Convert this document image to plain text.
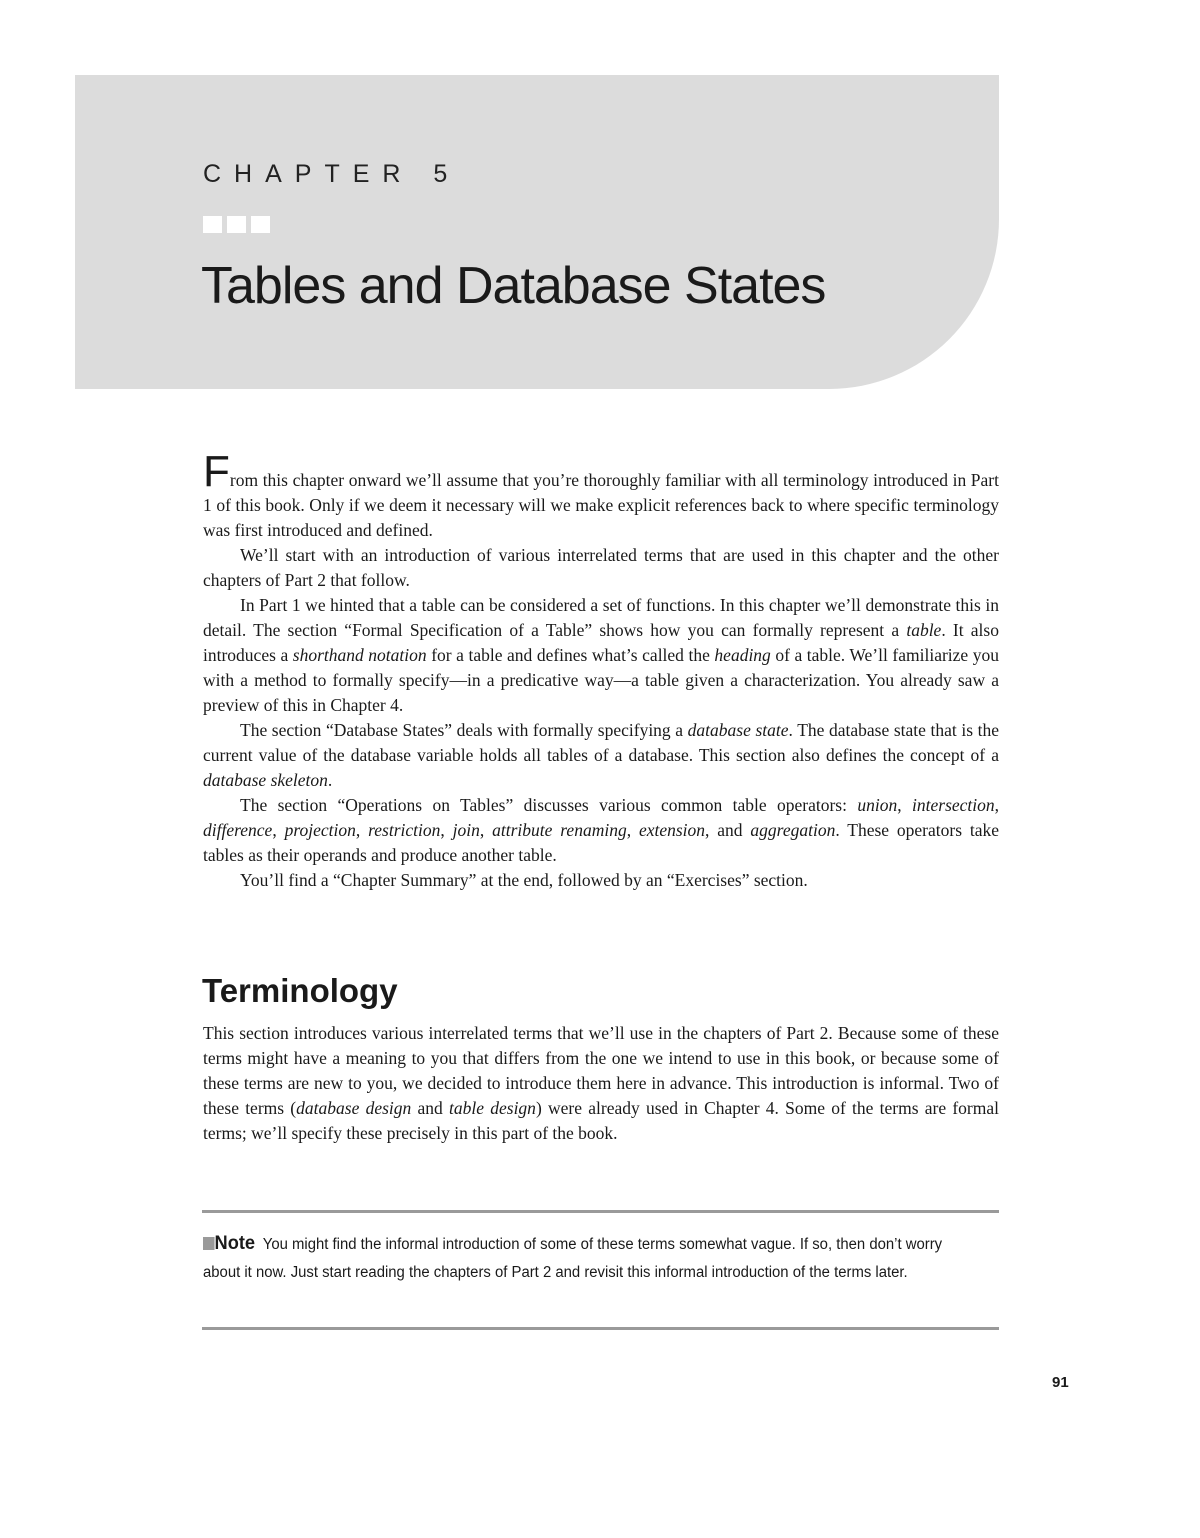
CHAPTER 5
Tables and Database States

From this chapter onward we’ll assume that you’re thoroughly familiar with all terminology introduced in Part 1 of this book. Only if we deem it necessary will we make explicit references back to where specific terminology was first introduced and defined.

We’ll start with an introduction of various interrelated terms that are used in this chapter and the other chapters of Part 2 that follow.

In Part 1 we hinted that a table can be considered a set of functions. In this chapter we’ll demonstrate this in detail. The section “Formal Specification of a Table” shows how you can formally represent a table. It also introduces a shorthand notation for a table and defines what’s called the heading of a table. We’ll familiarize you with a method to formally specify—in a predicative way—a table given a characterization. You already saw a preview of this in Chapter 4.

The section “Database States” deals with formally specifying a database state. The database state that is the current value of the database variable holds all tables of a database. This section also defines the concept of a database skeleton.

The section “Operations on Tables” discusses various common table operators: union, intersection, difference, projection, restriction, join, attribute renaming, extension, and aggregation. These operators take tables as their operands and produce another table.

You’ll find a “Chapter Summary” at the end, followed by an “Exercises” section.

Terminology

This section introduces various interrelated terms that we’ll use in the chapters of Part 2. Because some of these terms might have a meaning to you that differs from the one we intend to use in this book, or because some of these terms are new to you, we decided to introduce them here in advance. This introduction is informal. Two of these terms (database design and table design) were already used in Chapter 4. Some of the terms are formal terms; we’ll specify these precisely in this part of the book.

Note You might find the informal introduction of some of these terms somewhat vague. If so, then don’t worry about it now. Just start reading the chapters of Part 2 and revisit this informal introduction of the terms later.
91
